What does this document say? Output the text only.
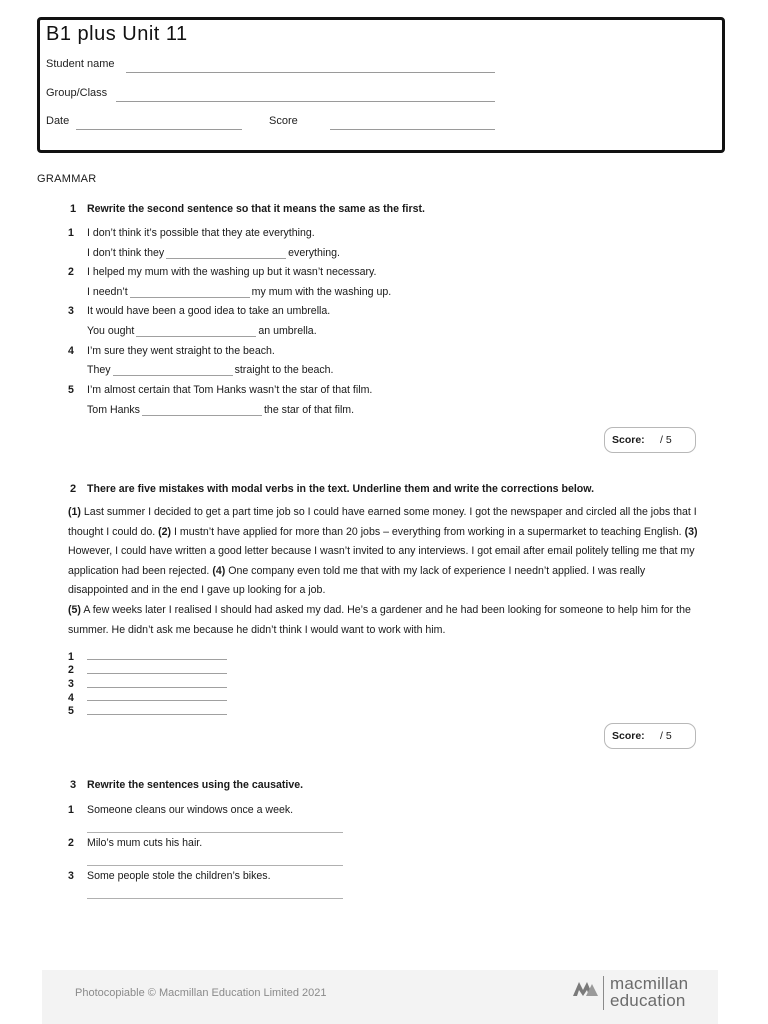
B1 plus Unit 11
Student name
Group/Class
Date	Score
GRAMMAR
1 Rewrite the second sentence so that it means the same as the first.
1	I don’t think it’s possible that they ate everything.
I don’t think they	everything.
2	I helped my mum with the washing up but it wasn’t necessary.
I needn’t	my mum with the washing up.
3	It would have been a good idea to take an umbrella.
You ought	an umbrella.
4	I’m sure they went straight to the beach.
They	straight to the beach.
5	I’m almost certain that Tom Hanks wasn’t the star of that film.
Tom Hanks	the star of that film.
Score: / 5
2 There are five mistakes with modal verbs in the text. Underline them and write the corrections below.
(1) Last summer I decided to get a part time job so I could have earned some money. I got the newspaper and circled all the jobs that I thought I could do. (2) I mustn’t have applied for more than 20 jobs – everything from working in a supermarket to teaching English. (3) However, I could have written a good letter because I wasn’t invited to any interviews. I got email after email politely telling me that my application had been rejected. (4) One company even told me that with my lack of experience I needn’t applied. I was really disappointed and in the end I gave up looking for a job.
(5) A few weeks later I realised I should had asked my dad. He’s a gardener and he had been looking for someone to help him for the summer. He didn’t ask me because he didn’t think I would want to work with him.
1
2
3
4
5
Score: / 5
3 Rewrite the sentences using the causative.
1	Someone cleans our windows once a week.
2	Milo’s mum cuts his hair.
3	Some people stole the children’s bikes.
Photocopiable © Macmillan Education Limited 2021	macmillan
education
